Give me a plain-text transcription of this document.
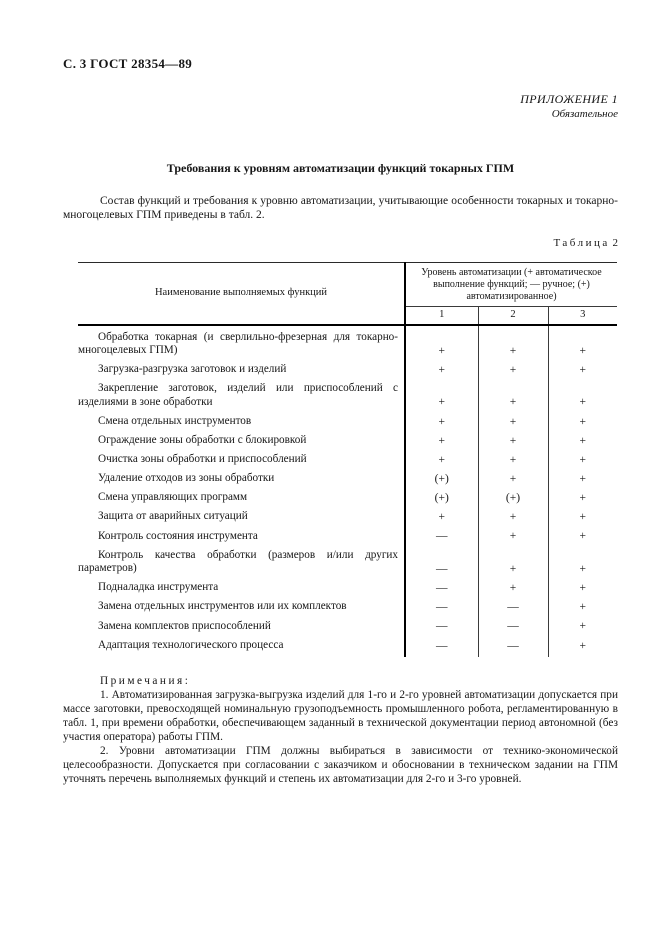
С. 3 ГОСТ 28354—89
ПРИЛОЖЕНИЕ 1
Обязательное
Требования к уровням автоматизации функций токарных ГПМ
Состав функций и требования к уровню автоматизации, учитывающие особенности токарных и токарно-многоцелевых ГПМ приведены в табл. 2.
Таблица 2
Наименование выполняемых функций	Уровень автоматизации (+ автоматическое выполнение функций; — ручное; (+) автоматизированное)		
	1	2	3

Обработка токарная (и сверлильно-фрезерная для токарно-многоцелевых ГПМ)	+	+	+

Загрузка-разгрузка заготовок и изделий	+	+	+

Закрепление заготовок, изделий или приспособлений с изделиями в зоне обработки	+	+	+

Смена отдельных инструментов	+	+	+

Ограждение зоны обработки с блокировкой	+	+	+

Очистка зоны обработки и приспособлений	+	+	+

Удаление отходов из зоны обработки	(+)	+	+

Смена управляющих программ	(+)	(+)	+

Защита от аварийных ситуаций	+	+	+

Контроль состояния инструмента	—	+	+

Контроль качества обработки (размеров и/или других параметров)	—	+	+

Подналадка инструмента	—	+	+

Замена отдельных инструментов или их комплектов	—	—	+

Замена комплектов приспособлений	—	—	+

Адаптация технологического процесса	—	—	+
Примечания:

1. Автоматизированная загрузка-выгрузка изделий для 1-го и 2-го уровней автоматизации допускается при массе заготовки, превосходящей номинальную грузоподъемность промышленного робота, регламентированную в табл. 1, при времени обработки, обеспечивающем заданный в технической документации период автономной (без участия оператора) работы ГПМ.

2. Уровни автоматизации ГПМ должны выбираться в зависимости от технико-экономической целесообразности. Допускается при согласовании с заказчиком и обосновании в техническом задании на ГПМ уточнять перечень выполняемых функций и степень их автоматизации для 2-го и 3-го уровней.
